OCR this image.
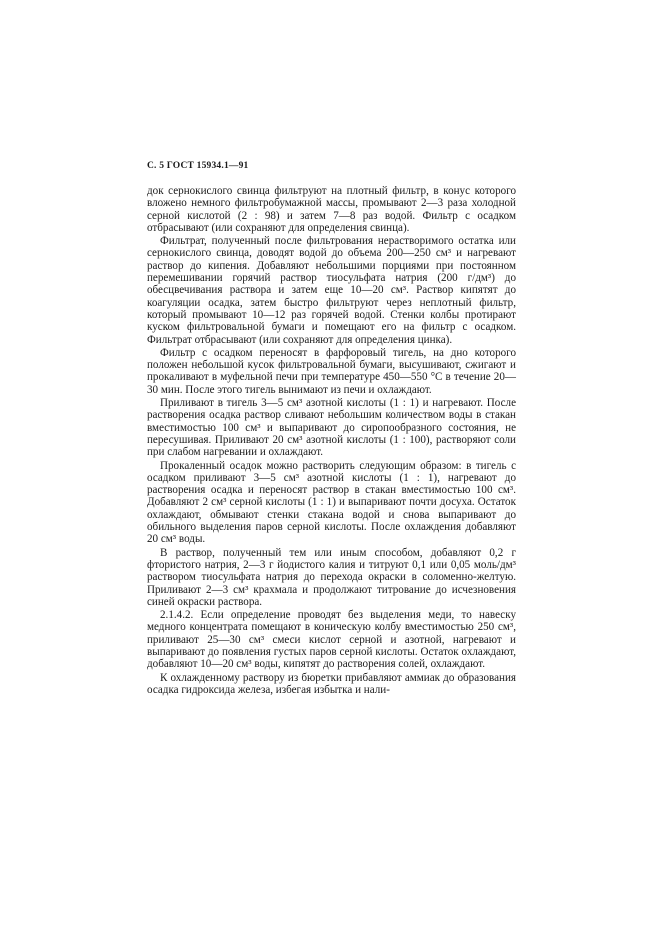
С. 5 ГОСТ 15934.1—91

док сернокислого свинца фильтруют на плотный фильтр, в конус которого вложено немного фильтробумажной массы, промывают 2—3 раза холодной серной кислотой (2 : 98) и затем 7—8 раз водой. Фильтр с осадком отбрасывают (или сохраняют для определения свинца).

Фильтрат, полученный после фильтрования нерастворимого остатка или сернокислого свинца, доводят водой до объема 200—250 см³ и нагревают раствор до кипения. Добавляют небольшими порциями при постоянном перемешивании горячий раствор тиосульфата натрия (200 г/дм³) до обесцвечивания раствора и затем еще 10—20 см³. Раствор кипятят до коагуляции осадка, затем быстро фильтруют через неплотный фильтр, который промывают 10—12 раз горячей водой. Стенки колбы протирают куском фильтровальной бумаги и помещают его на фильтр с осадком. Фильтрат отбрасывают (или сохраняют для определения цинка).

Фильтр с осадком переносят в фарфоровый тигель, на дно которого положен небольшой кусок фильтровальной бумаги, высушивают, сжигают и прокаливают в муфельной печи при температуре 450—550 °С в течение 20—30 мин. После этого тигель вынимают из печи и охлаждают.

Приливают в тигель 3—5 см³ азотной кислоты (1 : 1) и нагревают. После растворения осадка раствор сливают небольшим количеством воды в стакан вместимостью 100 см³ и выпаривают до сиропообразного состояния, не пересушивая. Приливают 20 см³ азотной кислоты (1 : 100), растворяют соли при слабом нагревании и охлаждают.

Прокаленный осадок можно растворить следующим образом: в тигель с осадком приливают 3—5 см³ азотной кислоты (1 : 1), нагревают до растворения осадка и переносят раствор в стакан вместимостью 100 см³. Добавляют 2 см³ серной кислоты (1 : 1) и выпаривают почти досуха. Остаток охлаждают, обмывают стенки стакана водой и снова выпаривают до обильного выделения паров серной кислоты. После охлаждения добавляют 20 см³ воды.

В раствор, полученный тем или иным способом, добавляют 0,2 г фтористого натрия, 2—3 г йодистого калия и титруют 0,1 или 0,05 моль/дм³ раствором тиосульфата натрия до перехода окраски в соломенно-желтую. Приливают 2—3 см³ крахмала и продолжают титрование до исчезновения синей окраски раствора.

2.1.4.2. Если определение проводят без выделения меди, то навеску медного концентрата помещают в коническую колбу вместимостью 250 см³, приливают 25—30 см³ смеси кислот серной и азотной, нагревают и выпаривают до появления густых паров серной кислоты. Остаток охлаждают, добавляют 10—20 см³ воды, кипятят до растворения солей, охлаждают.

К охлажденному раствору из бюретки прибавляют аммиак до образования осадка гидроксида железа, избегая избытка и нали-
